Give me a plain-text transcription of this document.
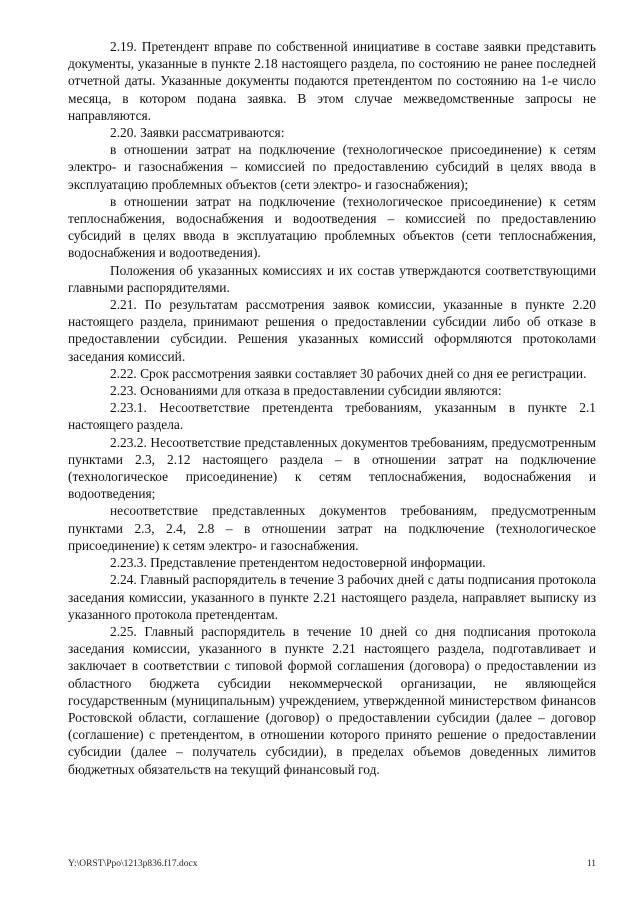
2.19. Претендент вправе по собственной инициативе в составе заявки представить документы, указанные в пункте 2.18 настоящего раздела, по состоянию не ранее последней отчетной даты. Указанные документы подаются претендентом по состоянию на 1-е число месяца, в котором подана заявка. В этом случае межведомственные запросы не направляются.

2.20. Заявки рассматриваются:

в отношении затрат на подключение (технологическое присоединение) к сетям электро- и газоснабжения – комиссией по предоставлению субсидий в целях ввода в эксплуатацию проблемных объектов (сети электро- и газоснабжения);

в отношении затрат на подключение (технологическое присоединение) к сетям теплоснабжения, водоснабжения и водоотведения – комиссией по предоставлению субсидий в целях ввода в эксплуатацию проблемных объектов (сети теплоснабжения, водоснабжения и водоотведения).

Положения об указанных комиссиях и их состав утверждаются соответствующими главными распорядителями.

2.21. По результатам рассмотрения заявок комиссии, указанные в пункте 2.20 настоящего раздела, принимают решения о предоставлении субсидии либо об отказе в предоставлении субсидии. Решения указанных комиссий оформляются протоколами заседания комиссий.

2.22. Срок рассмотрения заявки составляет 30 рабочих дней со дня ее регистрации.

2.23. Основаниями для отказа в предоставлении субсидии являются:

2.23.1. Несоответствие претендента требованиям, указанным в пункте 2.1 настоящего раздела.

2.23.2. Несоответствие представленных документов требованиям, предусмотренным пунктами 2.3, 2.12 настоящего раздела – в отношении затрат на подключение (технологическое присоединение) к сетям теплоснабжения, водоснабжения и водоотведения;

несоответствие представленных документов требованиям, предусмотренным пунктами 2.3, 2.4, 2.8 – в отношении затрат на подключение (технологическое присоединение) к сетям электро- и газоснабжения.

2.23.3. Представление претендентом недостоверной информации.

2.24. Главный распорядитель в течение 3 рабочих дней с даты подписания протокола заседания комиссии, указанного в пункте 2.21 настоящего раздела, направляет выписку из указанного протокола претендентам.

2.25. Главный распорядитель в течение 10 дней со дня подписания протокола заседания комиссии, указанного в пункте 2.21 настоящего раздела, подготавливает и заключает в соответствии с типовой формой соглашения (договора) о предоставлении из областного бюджета субсидии некоммерческой организации, не являющейся государственным (муниципальным) учреждением, утвержденной министерством финансов Ростовской области, соглашение (договор) о предоставлении субсидии (далее – договор (соглашение) с претендентом, в отношении которого принято решение о предоставлении субсидии (далее – получатель субсидии), в пределах объемов доведенных лимитов бюджетных обязательств на текущий финансовый год.

Y:\ORST\Ppo\1213p836.f17.docx	11
